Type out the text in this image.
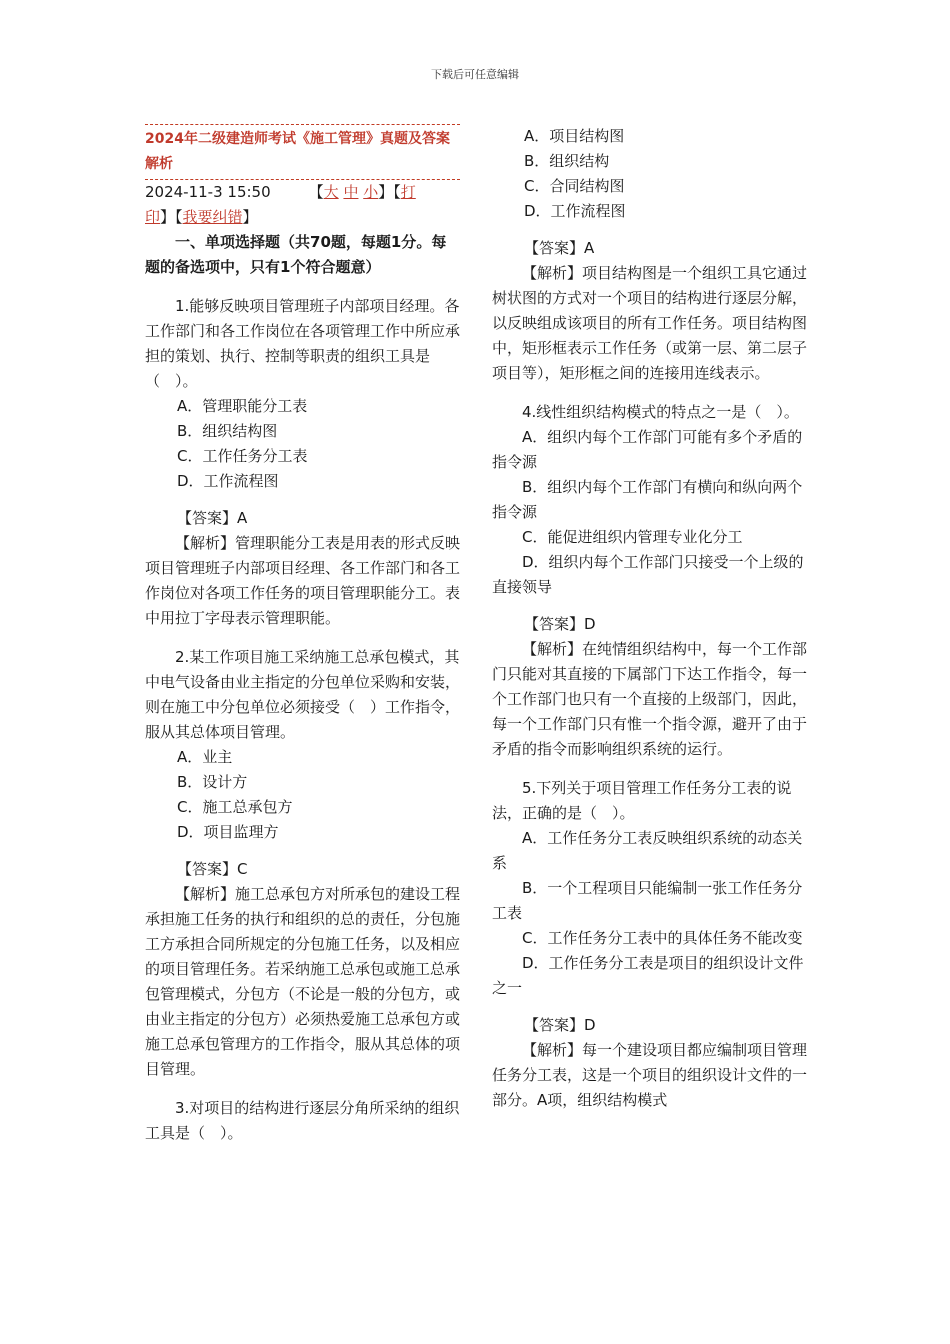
下载后可任意编辑
2024年二级建造师考试《施工管理》真题及答案解析
2024-11-3 15:50	【大 中 小】【打
印】【我要纠错】

一、单项选择题（共70题，每题1分。每题的备选项中，只有1个符合题意）

1.能够反映项目管理班子内部项目经理。各工作部门和各工作岗位在各项管理工作中所应承担的策划、执行、控制等职责的组织工具是（　）。

A．管理职能分工表

B．组织结构图

C．工作任务分工表

D．工作流程图

【答案】A

【解析】管理职能分工表是用表的形式反映项目管理班子内部项目经理、各工作部门和各工作岗位对各项工作任务的项目管理职能分工。表中用拉丁字母表示管理职能。

2.某工作项目施工采纳施工总承包模式，其中电气设备由业主指定的分包单位采购和安装，则在施工中分包单位必须接受（　）工作指令，服从其总体项目管理。

A．业主

B．设计方

C．施工总承包方

D．项目监理方

【答案】C

【解析】施工总承包方对所承包的建设工程承担施工任务的执行和组织的总的责任，分包施工方承担合同所规定的分包施工任务，以及相应的项目管理任务。若采纳施工总承包或施工总承包管理模式，分包方（不论是一般的分包方，或由业主指定的分包方）必须热爱施工总承包方或施工总承包管理方的工作指令，服从其总体的项目管理。

3.对项目的结构进行逐层分角所采纳的组织工具是（　）。

A．项目结构图

B．组织结构

C．合同结构图

D．工作流程图

【答案】A

【解析】项目结构图是一个组织工具它通过树状图的方式对一个项目的结构进行逐层分解，以反映组成该项目的所有工作任务。项目结构图中，矩形框表示工作任务（或第一层、第二层子项目等），矩形框之间的连接用连线表示。

4.线性组织结构模式的特点之一是（　）。

A．组织内每个工作部门可能有多个矛盾的指令源

B．组织内每个工作部门有横向和纵向两个指令源

C．能促进组织内管理专业化分工

D．组织内每个工作部门只接受一个上级的直接领导

【答案】D

【解析】在纯情组织结构中，每一个工作部门只能对其直接的下属部门下达工作指令，每一个工作部门也只有一个直接的上级部门，因此，每一个工作部门只有惟一个指令源，避开了由于矛盾的指令而影响组织系统的运行。

5.下列关于项目管理工作任务分工表的说法，正确的是（　）。

A．工作任务分工表反映组织系统的动态关系

B．一个工程项目只能编制一张工作任务分工表

C．工作任务分工表中的具体任务不能改变

D．工作任务分工表是项目的组织设计文件之一

【答案】D

【解析】每一个建设项目都应编制项目管理任务分工表，这是一个项目的组织设计文件的一部分。A项，组织结构模式
